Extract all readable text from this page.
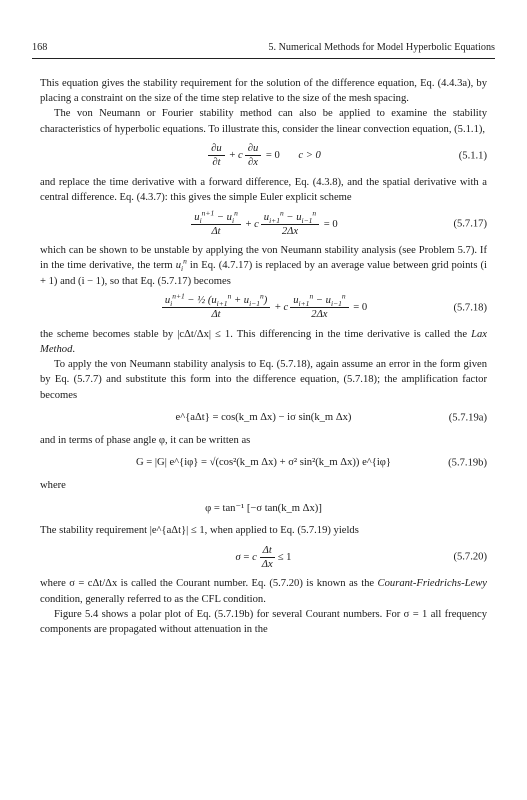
168	5. Numerical Methods for Model Hyperbolic Equations

This equation gives the stability requirement for the solution of the difference equation, Eq. (4.4.3a), by placing a constraint on the size of the time step relative to the size of the mesh spacing.

The von Neumann or Fourier stability method can also be applied to examine the stability characteristics of hyperbolic equations. To illustrate this, consider the linear convection equation, (5.1.1),

$\frac{\partial u}{\partial t} + c \frac{\partial u}{\partial x} = 0$ c > 0	(5.1.1)

and replace the time derivative with a forward difference, Eq. (4.3.8), and the spatial derivative with a central difference. Eq. (4.3.7): this gives the simple Euler explicit scheme

$\frac{u_i^{n+1} - u_i^n}{\Delta t} + c \frac{u_{i+1}^n - u_{i-1}^n}{2\Delta x} = 0$	(5.7.17)

which can be shown to be unstable by applying the von Neumann stability analysis (see Problem 5.7). If in the time derivative, the term $u_i^n$ in Eq. (4.7.17) is replaced by an average value between grid points (i + 1) and (i − 1), so that Eq. (5.7.17) becomes

$\frac{u_i^{n+1} - \frac{1}{2} (u_{i+1}^n + u_{i-1}^n)}{\Delta t} + c \frac{u_{i+1}^n - u_{i-1}^n}{2\Delta x} = 0$	(5.7.18)

the scheme becomes stable by |cΔt/Δx| ≤ 1. This differencing in the time derivative is called the Lax Method.

To apply the von Neumann stability analysis to Eq. (5.7.18), again assume an error in the form given by Eq. (5.7.7) and substitute this form into the difference equation, (5.7.18); the amplification factor becomes

e^{aΔt} = cos(k_m Δx) − iσ sin(k_m Δx)	(5.7.19a)

and in terms of phase angle φ, it can be written as

G = |G| e^{iφ} = √(cos²(k_m Δx) + σ² sin²(k_m Δx)) e^{iφ}	(5.7.19b)

where

φ = tan⁻¹ [−σ tan(k_m Δx)]

The stability requirement |e^{aΔt}| ≤ 1, when applied to Eq. (5.7.19) yields

σ = c $\frac{\Delta t}{\Delta x} \le 1$	(5.7.20)

where σ = cΔt/Δx is called the Courant number. Eq. (5.7.20) is known as the Courant-Friedrichs-Lewy condition, generally referred to as the CFL condition.

Figure 5.4 shows a polar plot of Eq. (5.7.19b) for several Courant numbers. For σ = 1 all frequency components are propagated without attenuation in the
